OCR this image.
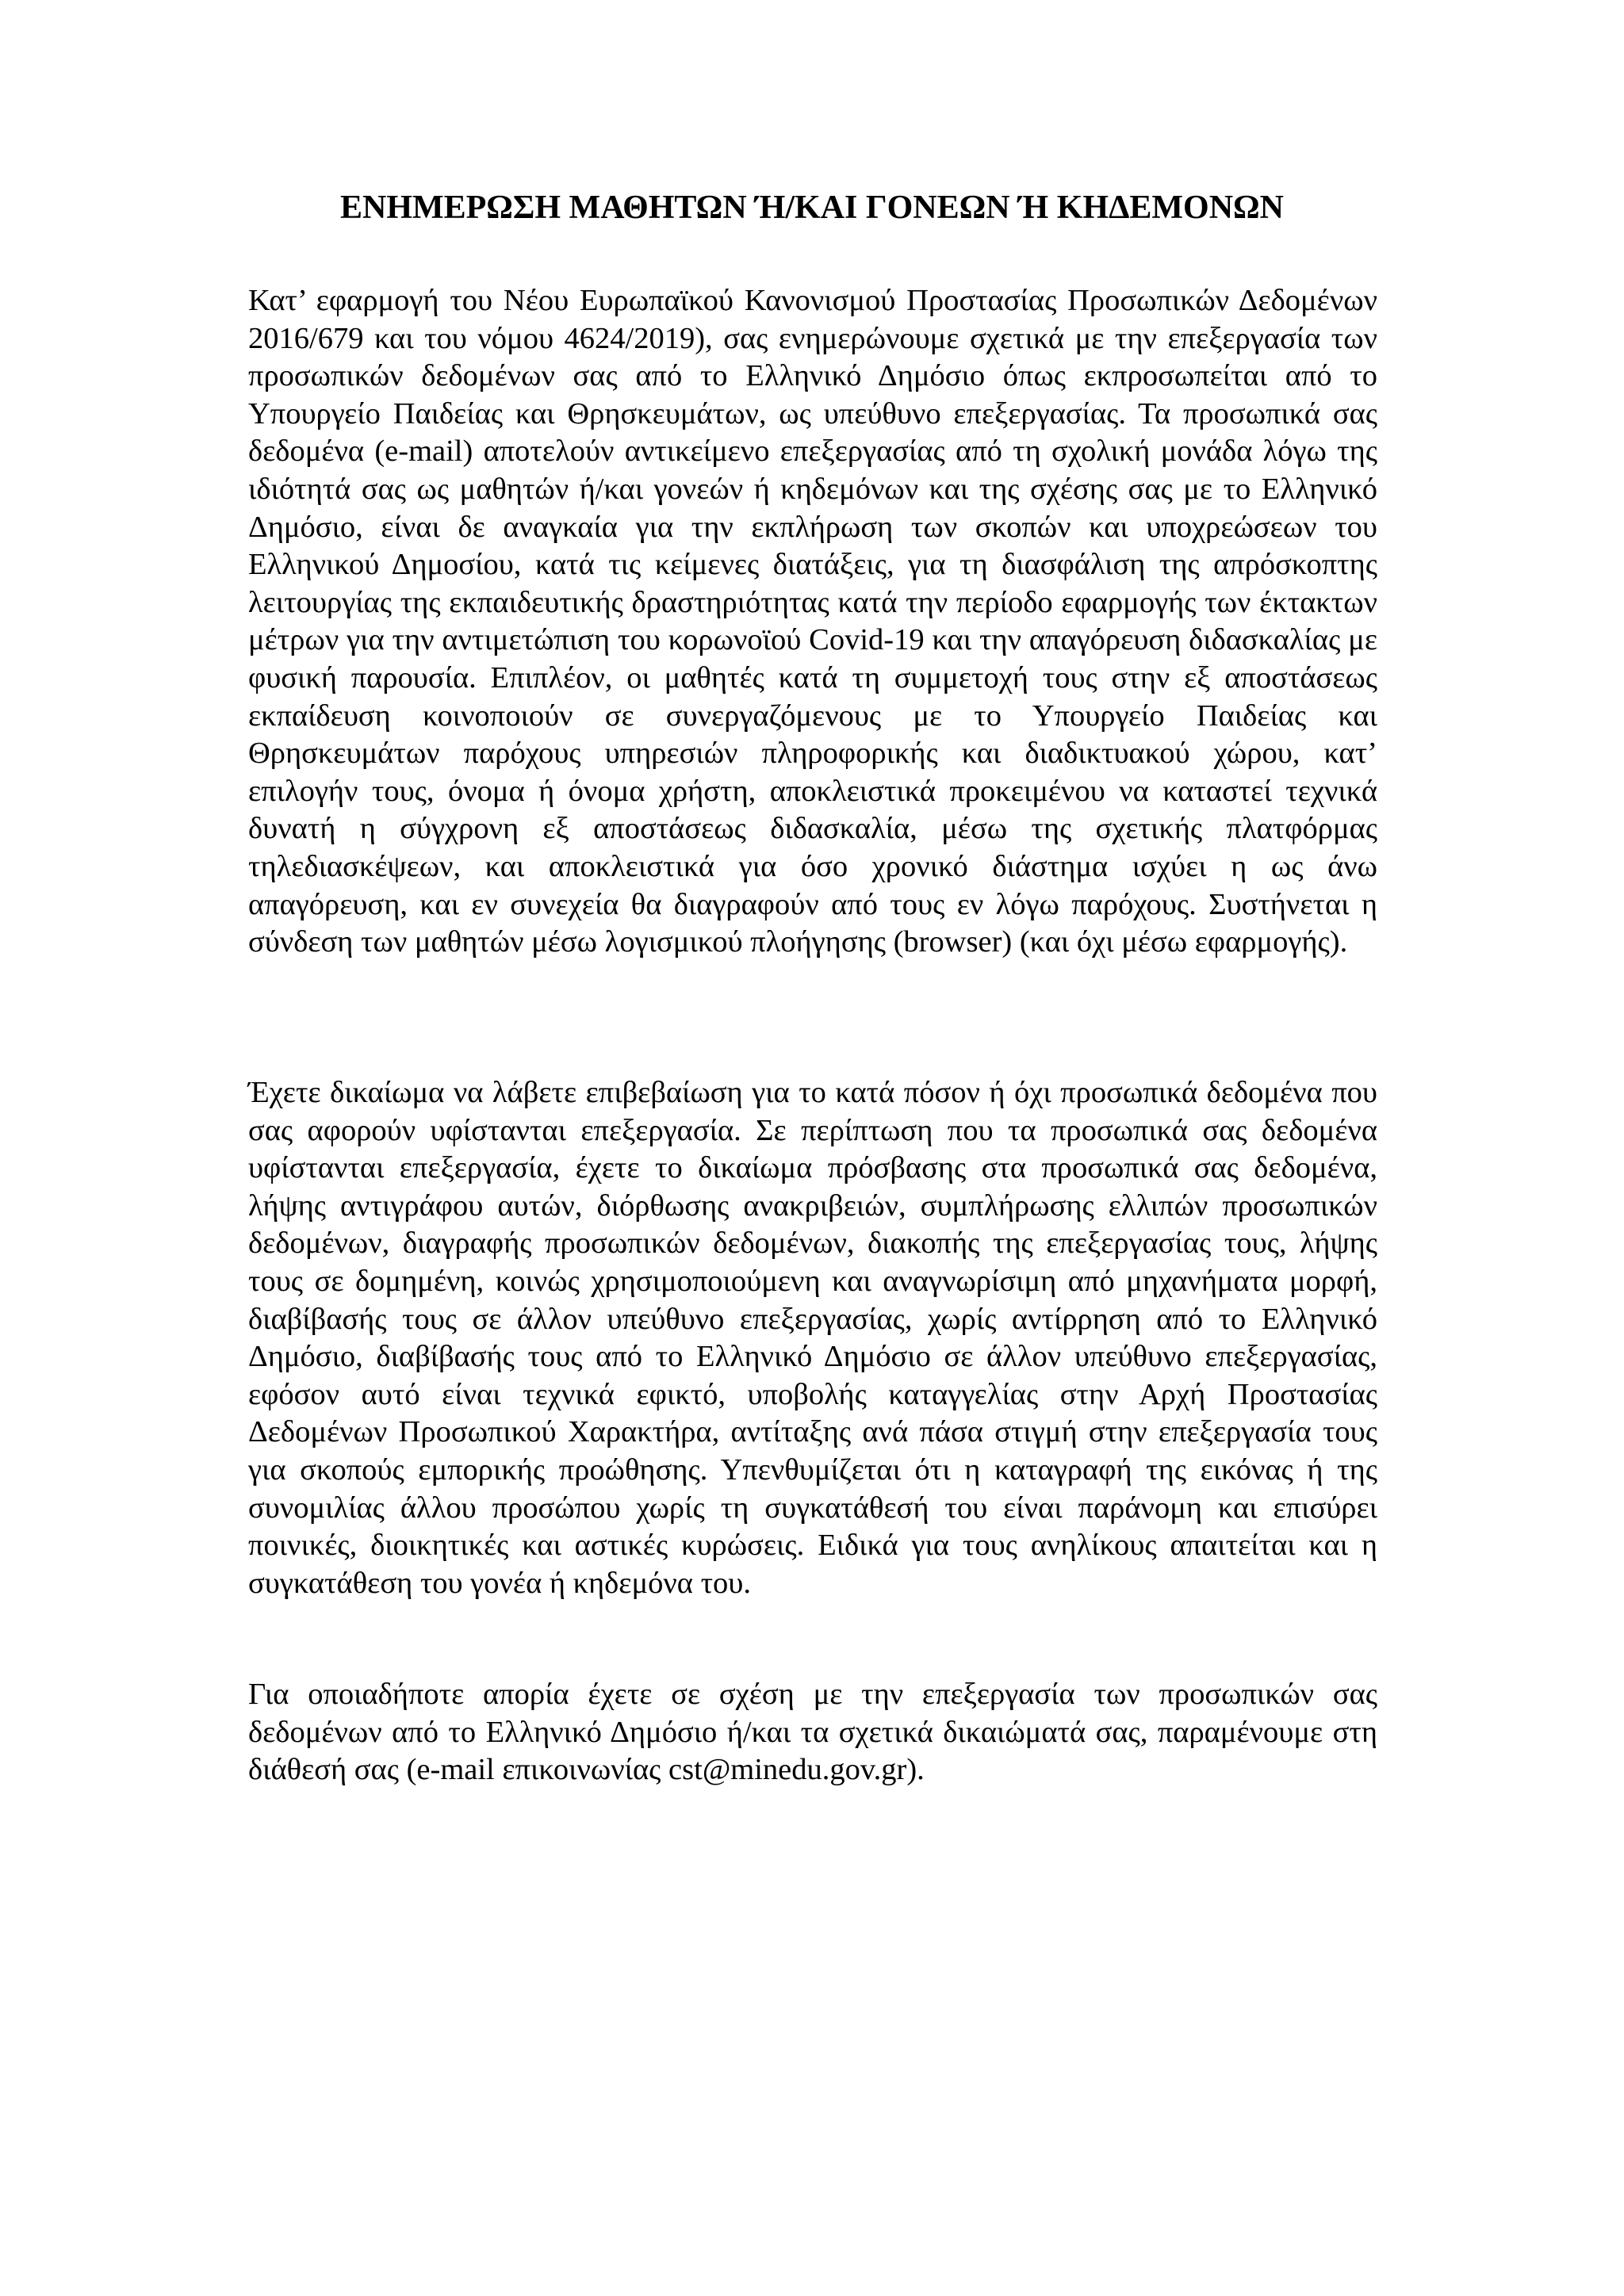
ΕΝΗΜΕΡΩΣΗ ΜΑΘΗΤΩΝ Ή/ΚΑΙ ΓΟΝΕΩΝ Ή ΚΗΔΕΜΟΝΩΝ

Κατ’ εφαρμογή του Νέου Ευρωπαϊκού Κανονισμού Προστασίας Προσωπικών Δεδομένων 2016/679 και του νόμου 4624/2019), σας ενημερώνουμε σχετικά με την επεξεργασία των προσωπικών δεδομένων σας από το Ελληνικό Δημόσιο όπως εκπροσωπείται από το Υπουργείο Παιδείας και Θρησκευμάτων, ως υπεύθυνο επεξεργασίας. Τα προσωπικά σας δεδομένα (e-mail) αποτελούν αντικείμενο επεξεργασίας από τη σχολική μονάδα λόγω της ιδιότητά σας ως μαθητών ή/και γονεών ή κηδεμόνων και της σχέσης σας με το Ελληνικό Δημόσιο, είναι δε αναγκαία για την εκπλήρωση των σκοπών και υποχρεώσεων του Ελληνικού Δημοσίου, κατά τις κείμενες διατάξεις, για τη διασφάλιση της απρόσκοπτης λειτουργίας της εκπαιδευτικής δραστηριότητας κατά την περίοδο εφαρμογής των έκτακτων μέτρων για την αντιμετώπιση του κορωνοϊού Covid-19 και την απαγόρευση διδασκαλίας με φυσική παρουσία. Επιπλέον, οι μαθητές κατά τη συμμετοχή τους στην εξ αποστάσεως εκπαίδευση κοινοποιούν σε συνεργαζόμενους με το Υπουργείο Παιδείας και Θρησκευμάτων παρόχους υπηρεσιών πληροφορικής και διαδικτυακού χώρου, κατ’ επιλογήν τους, όνομα ή όνομα χρήστη, αποκλειστικά προκειμένου να καταστεί τεχνικά δυνατή η σύγχρονη εξ αποστάσεως διδασκαλία, μέσω της σχετικής πλατφόρμας τηλεδιασκέψεων, και αποκλειστικά για όσο χρονικό διάστημα ισχύει η ως άνω απαγόρευση, και εν συνεχεία θα διαγραφούν από τους εν λόγω παρόχους. Συστήνεται η σύνδεση των μαθητών μέσω λογισμικού πλοήγησης (browser) (και όχι μέσω εφαρμογής).

Έχετε δικαίωμα να λάβετε επιβεβαίωση για το κατά πόσον ή όχι προσωπικά δεδομένα που σας αφορούν υφίστανται επεξεργασία. Σε περίπτωση που τα προσωπικά σας δεδομένα υφίστανται επεξεργασία, έχετε το δικαίωμα πρόσβασης στα προσωπικά σας δεδομένα, λήψης αντιγράφου αυτών, διόρθωσης ανακριβειών, συμπλήρωσης ελλιπών προσωπικών δεδομένων, διαγραφής προσωπικών δεδομένων, διακοπής της επεξεργασίας τους, λήψης τους σε δομημένη, κοινώς χρησιμοποιούμενη και αναγνωρίσιμη από μηχανήματα μορφή, διαβίβασής τους σε άλλον υπεύθυνο επεξεργασίας, χωρίς αντίρρηση από το Ελληνικό Δημόσιο, διαβίβασής τους από το Ελληνικό Δημόσιο σε άλλον υπεύθυνο επεξεργασίας, εφόσον αυτό είναι τεχνικά εφικτό, υποβολής καταγγελίας στην Αρχή Προστασίας Δεδομένων Προσωπικού Χαρακτήρα, αντίταξης ανά πάσα στιγμή στην επεξεργασία τους για σκοπούς εμπορικής προώθησης. Υπενθυμίζεται ότι η καταγραφή της εικόνας ή της συνομιλίας άλλου προσώπου χωρίς τη συγκατάθεσή του είναι παράνομη και επισύρει ποινικές, διοικητικές και αστικές κυρώσεις. Ειδικά για τους ανηλίκους απαιτείται και η συγκατάθεση του γονέα ή κηδεμόνα του.

Για οποιαδήποτε απορία έχετε σε σχέση με την επεξεργασία των προσωπικών σας δεδομένων από το Ελληνικό Δημόσιο ή/και τα σχετικά δικαιώματά σας, παραμένουμε στη διάθεσή σας (e-mail επικοινωνίας cst@minedu.gov.gr).
